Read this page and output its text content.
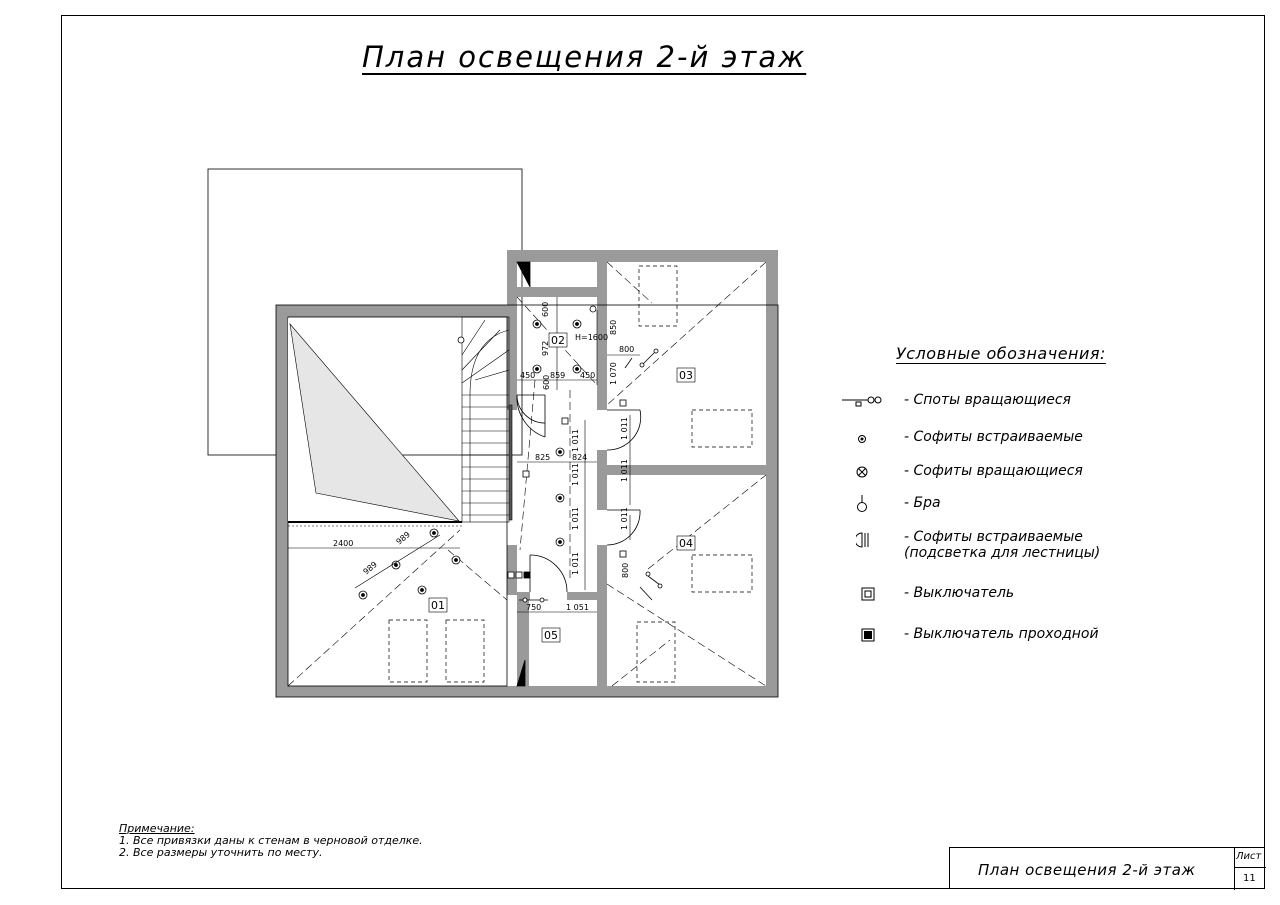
План освещения 2-й этаж
01
02
03
04
05
600
972
600
850
1 070
Н=1600
800
450 859 450
825	824
1 011
1 011
1 011
1 011
1 011
1 011
1 011
800
2400
989
989
750	1 051
Условные обозначения:
- Споты вращающиеся
- Софиты встраиваемые
- Софиты вращающиеся
- Бра
- Софиты встраиваемые
(подсветка для лестницы)
- Выключатель
- Выключатель проходной
Примечание:
1. Все привязки даны к стенам в черновой отделке.
2. Все размеры уточнить по месту.
План освещения 2-й этаж
Лист
11
